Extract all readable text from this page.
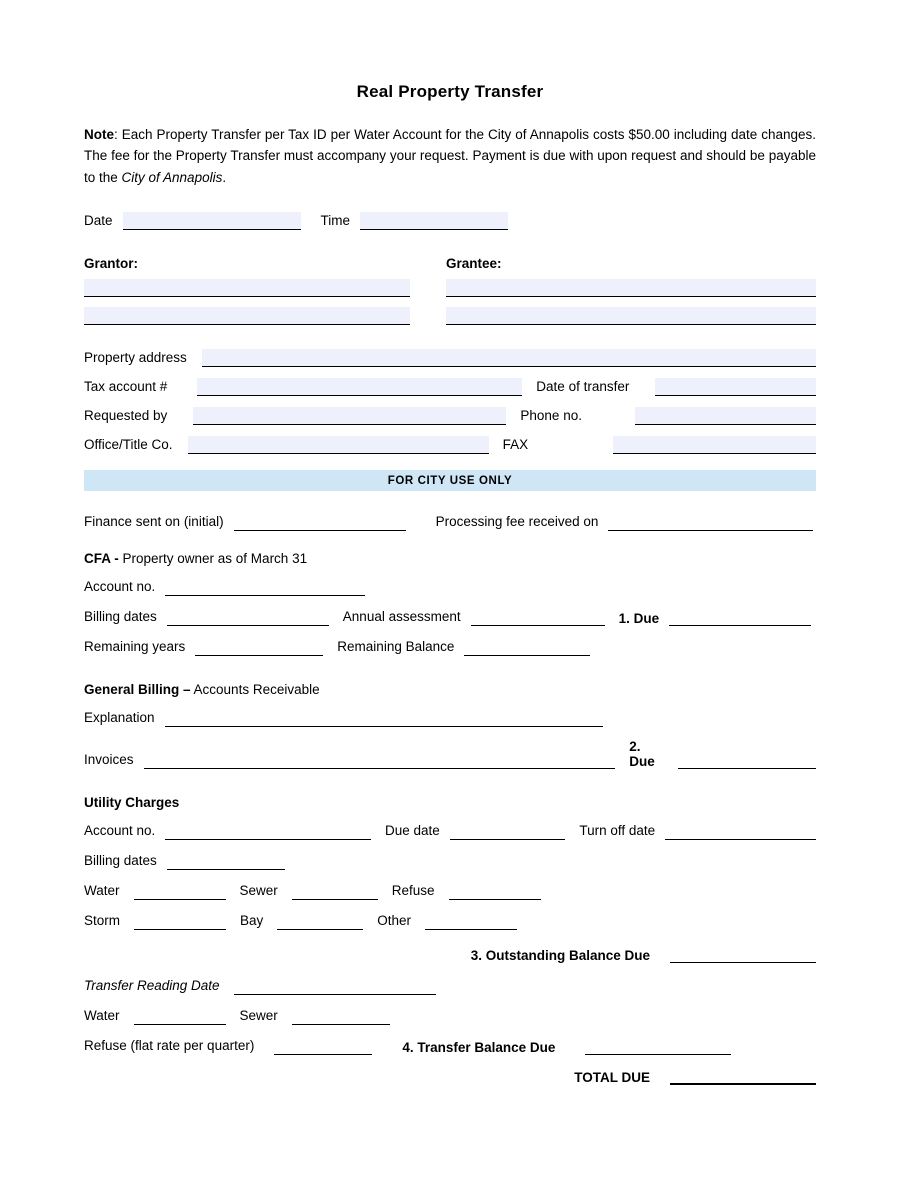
Real Property Transfer
Note: Each Property Transfer per Tax ID per Water Account for the City of Annapolis costs $50.00 including date changes. The fee for the Property Transfer must accompany your request. Payment is due with upon request and should be payable to the City of Annapolis.
Date	Time
Grantor:	Grantee:
Property address
Tax account #	Date of transfer
Requested by	Phone no.
Office/Title Co.	FAX
FOR CITY USE ONLY
Finance sent on (initial)	Processing fee received on
CFA - Property owner as of March 31
Account no.
Billing dates	Annual assessment	1. Due
Remaining years	Remaining Balance
General Billing – Accounts Receivable
Explanation
Invoices
2. Due
Utility Charges
Account no.	Due date	Turn off date
Billing dates
Water	Sewer	Refuse
Storm	Bay	Other
3. Outstanding Balance Due
Transfer Reading Date
Water	Sewer
Refuse (flat rate per quarter)	4. Transfer Balance Due
TOTAL DUE
